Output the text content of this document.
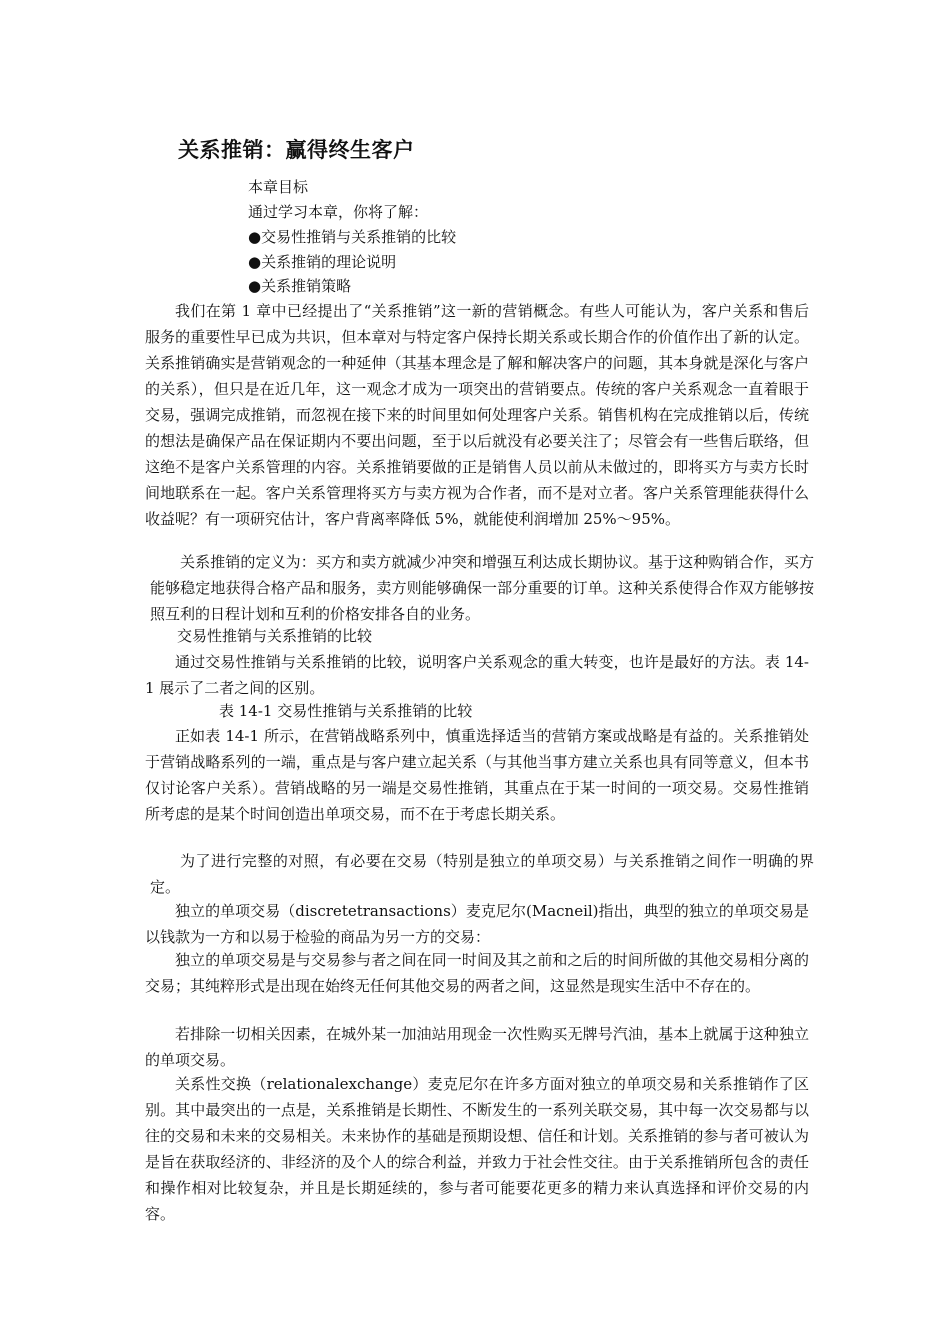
关系推销：赢得终生客户
本章目标
通过学习本章，你将了解：
●交易性推销与关系推销的比较
●关系推销的理论说明
●关系推销策略

我们在第 1 章中已经提出了“关系推销”这一新的营销概念。有些人可能认为，客户关系和售后服务的重要性早已成为共识，但本章对与特定客户保持长期关系或长期合作的价值作出了新的认定。关系推销确实是营销观念的一种延伸（其基本理念是了解和解决客户的问题，其本身就是深化与客户的关系），但只是在近几年，这一观念才成为一项突出的营销要点。传统的客户关系观念一直着眼于交易，强调完成推销，而忽视在接下来的时间里如何处理客户关系。销售机构在完成推销以后，传统的想法是确保产品在保证期内不要出问题，至于以后就没有必要关注了；尽管会有一些售后联络，但这绝不是客户关系管理的内容。关系推销要做的正是销售人员以前从未做过的，即将买方与卖方长时间地联系在一起。客户关系管理将买方与卖方视为合作者，而不是对立者。客户关系管理能获得什么收益呢？有一项研究估计，客户背离率降低 5%，就能使利润增加 25%～95%。

关系推销的定义为：买方和卖方就减少冲突和增强互利达成长期协议。基于这种购销合作，买方能够稳定地获得合格产品和服务，卖方则能够确保一部分重要的订单。这种关系使得合作双方能够按照互利的日程计划和互利的价格安排各自的业务。

交易性推销与关系推销的比较

通过交易性推销与关系推销的比较，说明客户关系观念的重大转变，也许是最好的方法。表 14-1 展示了二者之间的区别。

表 14-1 交易性推销与关系推销的比较

正如表 14-1 所示，在营销战略系列中，慎重选择适当的营销方案或战略是有益的。关系推销处于营销战略系列的一端，重点是与客户建立起关系（与其他当事方建立关系也具有同等意义，但本书仅讨论客户关系）。营销战略的另一端是交易性推销，其重点在于某一时间的一项交易。交易性推销所考虑的是某个时间创造出单项交易，而不在于考虑长期关系。

为了进行完整的对照，有必要在交易（特别是独立的单项交易）与关系推销之间作一明确的界定。

独立的单项交易（discretetransactions）麦克尼尔(Macneil)指出，典型的独立的单项交易是以钱款为一方和以易于检验的商品为另一方的交易：

独立的单项交易是与交易参与者之间在同一时间及其之前和之后的时间所做的其他交易相分离的交易；其纯粹形式是出现在始终无任何其他交易的两者之间，这显然是现实生活中不存在的。

若排除一切相关因素，在城外某一加油站用现金一次性购买无牌号汽油，基本上就属于这种独立的单项交易。

关系性交换（relationalexchange）麦克尼尔在许多方面对独立的单项交易和关系推销作了区别。其中最突出的一点是，关系推销是长期性、不断发生的一系列关联交易，其中每一次交易都与以往的交易和未来的交易相关。未来协作的基础是预期设想、信任和计划。关系推销的参与者可被认为是旨在获取经济的、非经济的及个人的综合利益，并致力于社会性交往。由于关系推销所包含的责任和操作相对比较复杂，并且是长期延续的，参与者可能要花更多的精力来认真选择和评价交易的内容。
